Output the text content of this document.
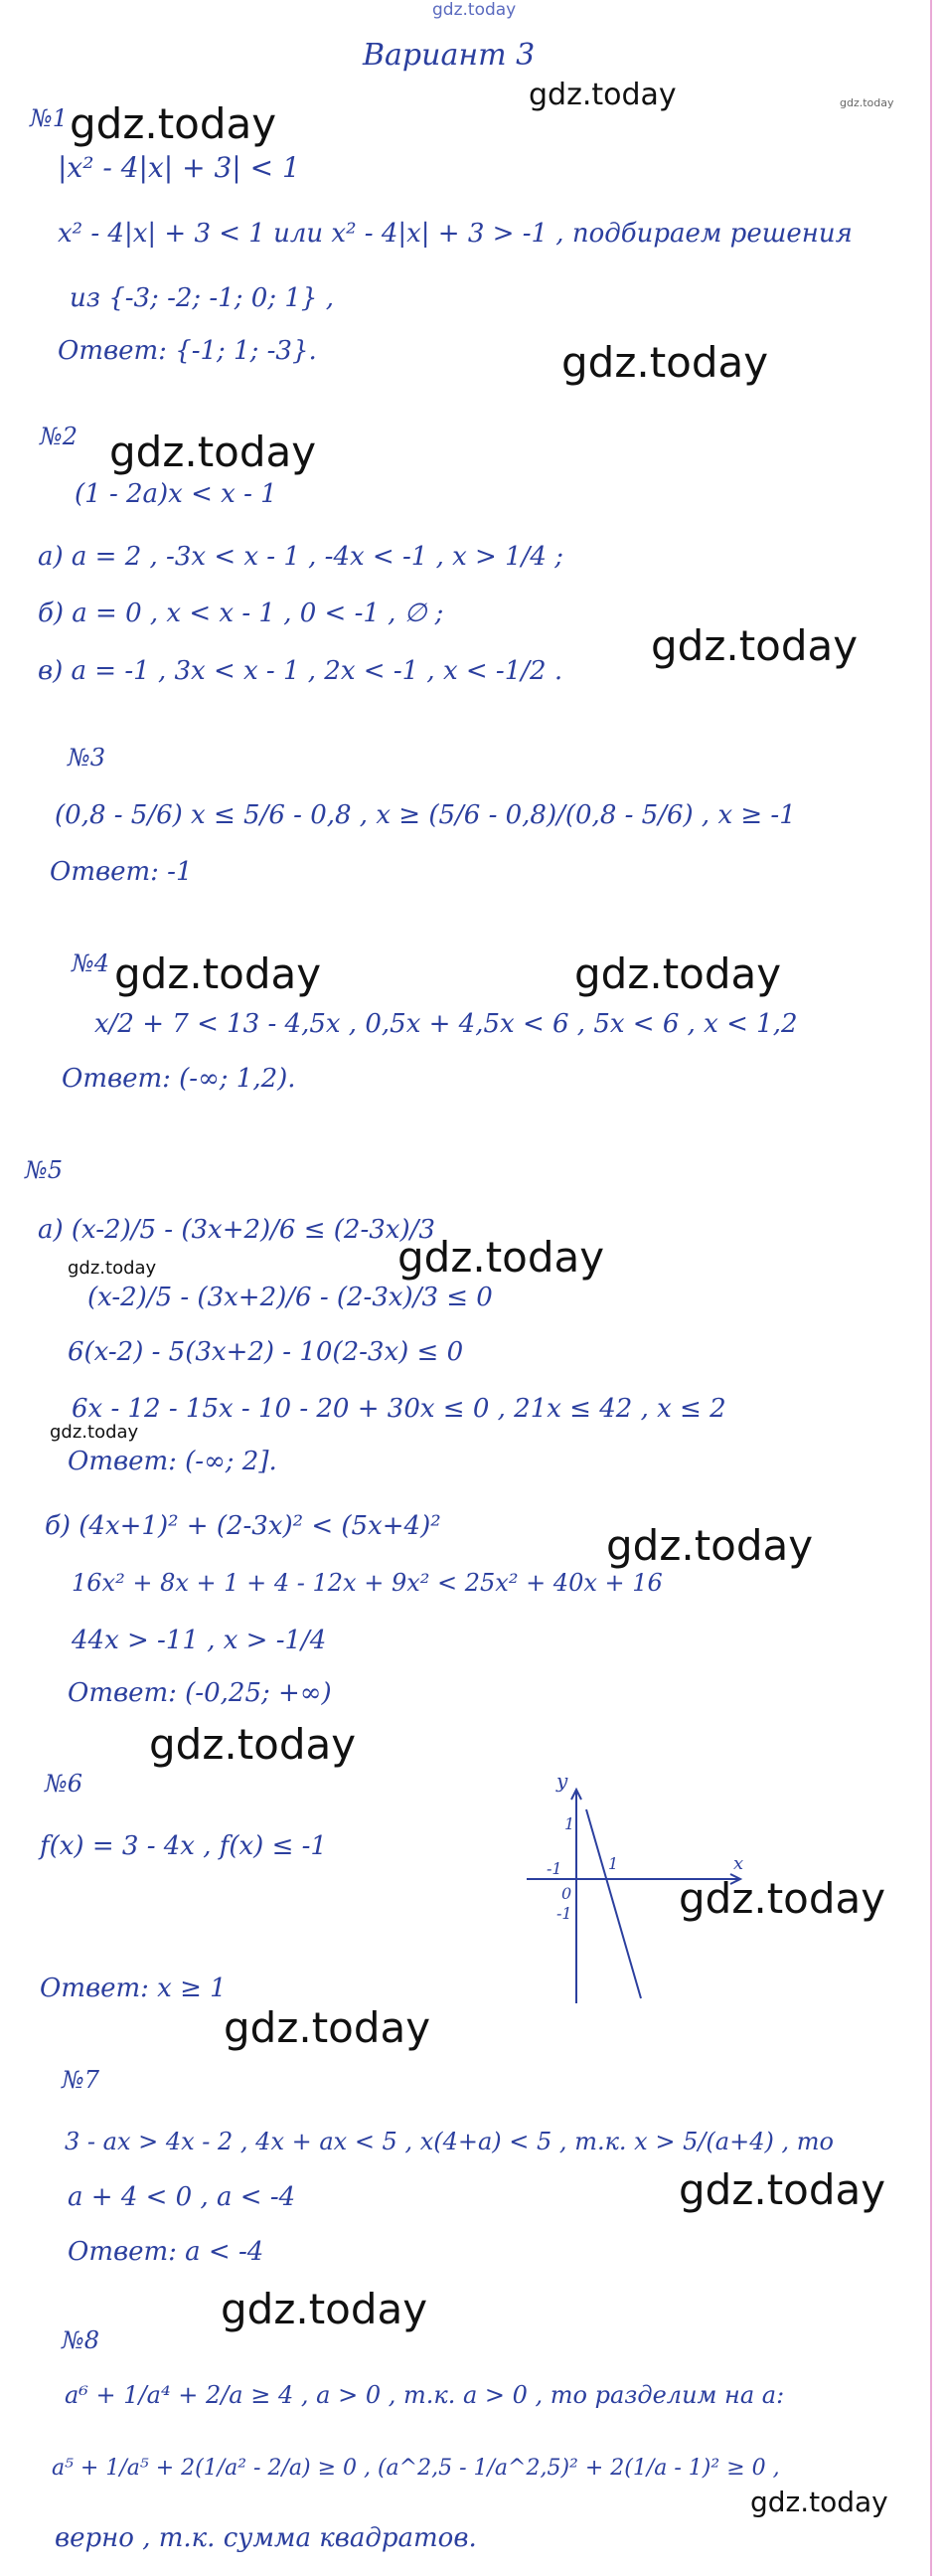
gdz.today
Вариант 3
№1
|x² - 4|x| + 3| < 1
x² - 4|x| + 3 < 1 или x² - 4|x| + 3 > -1 , подбираем решения
из {-3; -2; -1; 0; 1} ,
Ответ: {-1; 1; -3}.
№2
(1 - 2a)x < x - 1
а) a = 2 , -3x < x - 1 , -4x < -1 , x > 1/4 ;
б) a = 0 , x < x - 1 , 0 < -1 , ∅ ;
в) a = -1 , 3x < x - 1 , 2x < -1 , x < -1/2 .
№3
(0,8 - 5/6) x ≤ 5/6 - 0,8 , x ≥ (5/6 - 0,8)/(0,8 - 5/6) , x ≥ -1
Ответ: -1
№4
x/2 + 7 < 13 - 4,5x , 0,5x + 4,5x < 6 , 5x < 6 , x < 1,2
Ответ: (-∞; 1,2).
№5
а) (x-2)/5 - (3x+2)/6 ≤ (2-3x)/3
(x-2)/5 - (3x+2)/6 - (2-3x)/3 ≤ 0
6(x-2) - 5(3x+2) - 10(2-3x) ≤ 0
6x - 12 - 15x - 10 - 20 + 30x ≤ 0 , 21x ≤ 42 , x ≤ 2
Ответ: (-∞; 2].
б) (4x+1)² + (2-3x)² < (5x+4)²
16x² + 8x + 1 + 4 - 12x + 9x² < 25x² + 40x + 16
44x > -11 , x > -1/4
Ответ: (-0,25; +∞)
№6
f(x) = 3 - 4x , f(x) ≤ -1
y
x
1
-1
0
-1
1
Ответ: x ≥ 1
№7
3 - ax > 4x - 2 , 4x + ax < 5 , x(4+a) < 5 , т.к. x > 5/(a+4) , то
a + 4 < 0 , a < -4
Ответ: a < -4
№8
a⁶ + 1/a⁴ + 2/a ≥ 4 , a > 0 , т.к. a > 0 , то разделим на a:
a⁵ + 1/a⁵ + 2(1/a² - 2/a) ≥ 0 , (a^2,5 - 1/a^2,5)² + 2(1/a - 1)² ≥ 0 ,
верно , т.к. сумма квадратов.
gdz.today
gdz.today
gdz.today
gdz.today
gdz.today	gdz.today
gdz.today
gdz.today
gdz.today
gdz.today
gdz.today
gdz.today
gdz.today
gdz.today
gdz.today
gdz.today
gdz.today
gdz.today
